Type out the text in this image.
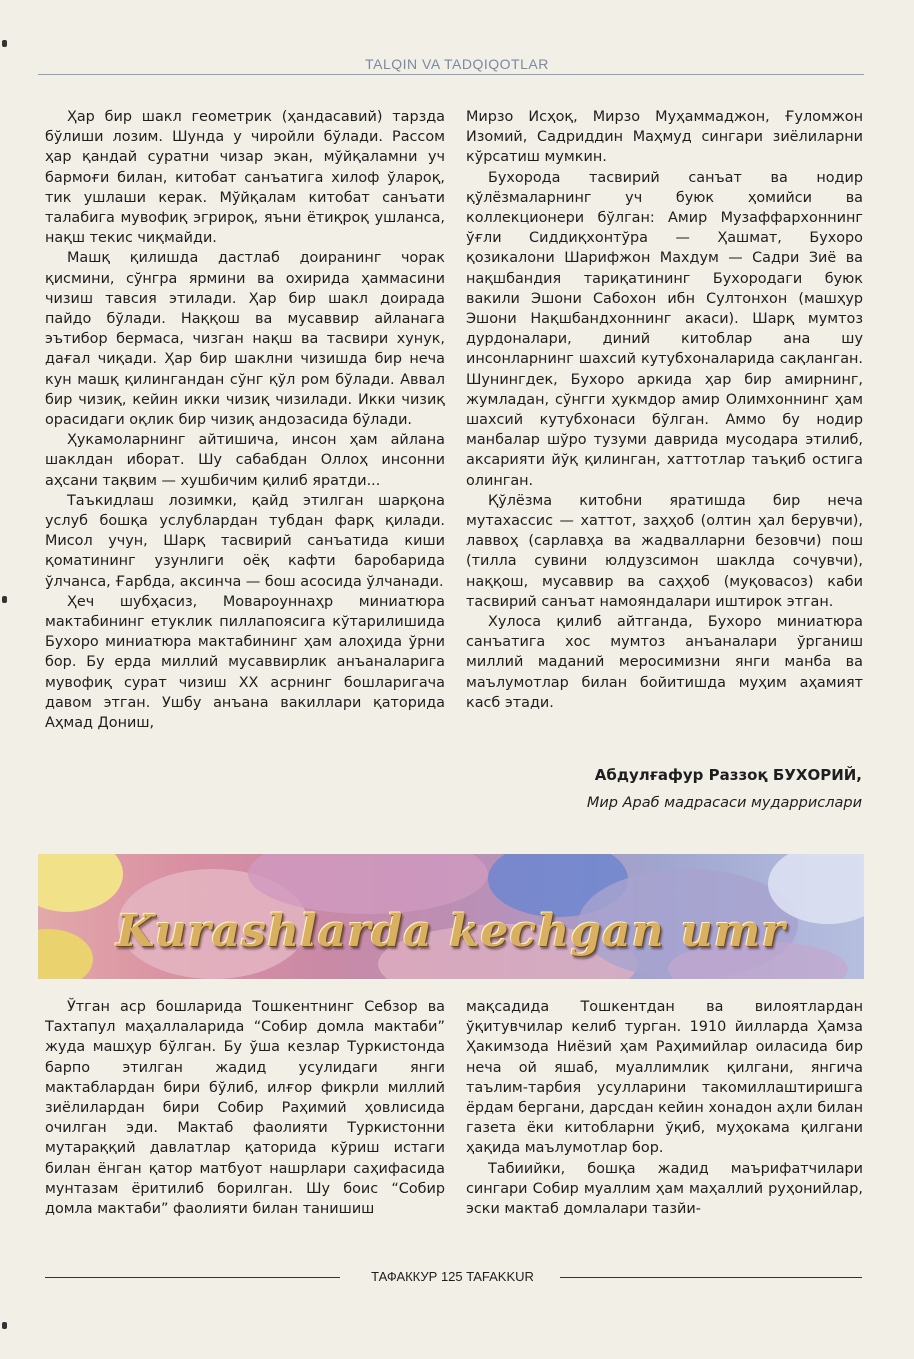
TALQIN VA TADQIQOTLAR

Ҳар бир шакл геометрик (ҳандасавий) тарзда бўлиши лозим. Шунда у чиройли бўлади. Рассом ҳар қандай суратни чизар экан, мўйқаламни уч бармоғи билан, китобат санъатига хилоф ўлароқ, тик ушлаши керак. Мўйқалам китобат санъати талабига мувофиқ эгрироқ, яъни ётиқроқ ушланса, нақш текис чиқмайди.

Машқ қилишда дастлаб доиранинг чорак қисмини, сўнгра ярмини ва охирида ҳаммасини чизиш тавсия этилади. Ҳар бир шакл доирада пайдо бўлади. Наққош ва мусаввир айланага эътибор бермаса, чизган нақш ва тасвири хунук, дағал чиқади. Ҳар бир шаклни чизишда бир неча кун машқ қилингандан сўнг қўл ром бўлади. Аввал бир чизиқ, кейин икки чизиқ чизилади. Икки чизиқ орасидаги оқлик бир чизиқ андозасида бўлади.

Ҳукамоларнинг айтишича, инсон ҳам айлана шаклдан иборат. Шу сабабдан Оллоҳ инсонни аҳсани тақвим — хушбичим қилиб яратди...

Таъкидлаш лозимки, қайд этилган шарқона услуб бошқа услублардан тубдан фарқ қилади. Мисол учун, Шарқ тасвирий санъатида киши қоматининг узунлиги оёқ кафти баробарида ўлчанса, Ғарбда, аксинча — бош асосида ўлчанади.

Ҳеч шубҳасиз, Мовароуннаҳр миниатюра мактабининг етуклик пиллапоясига кўтарилишида Бухоро миниатюра мактабининг ҳам алоҳида ўрни бор. Бу ерда миллий мусаввирлик анъаналарига мувофиқ сурат чизиш XX асрнинг бошларигача давом этган. Ушбу анъана вакиллари қаторида Аҳмад Дониш,

Мирзо Исҳоқ, Мирзо Муҳаммаджон, Ғуломжон Изомий, Садриддин Маҳмуд сингари зиёлиларни кўрсатиш мумкин.

Бухорода тасвирий санъат ва нодир қўлёзмаларнинг уч буюк ҳомийси ва коллекционери бўлган: Амир Музаффархоннинг ўғли Сиддиқхонтўра — Ҳашмат, Бухоро қозикалони Шарифжон Махдум — Садри Зиё ва нақшбандия тариқатининг Бухородаги буюк вакили Эшони Сабохон ибн Султонхон (машҳур Эшони Нақшбандхоннинг акаси). Шарқ мумтоз дурдоналари, диний китоблар ана шу инсонларнинг шахсий кутубхоналарида сақланган. Шунингдек, Бухоро аркида ҳар бир амирнинг, жумладан, сўнгги ҳукмдор амир Олимхоннинг ҳам шахсий кутубхонаси бўлган. Аммо бу нодир манбалар шўро тузуми даврида мусодара этилиб, аксарияти йўқ қилинган, хаттотлар таъқиб остига олинган.

Қўлёзма китобни яратишда бир неча мутахассис — хаттот, заҳҳоб (олтин ҳал берувчи), лаввоҳ (сарлавҳа ва жадвалларни безовчи) пош (тилла сувини юлдузсимон шаклда сочувчи), наққош, мусаввир ва саҳҳоб (муқовасоз) каби тасвирий санъат намояндалари иштирок этган.

Хулоса қилиб айтганда, Бухоро миниатюра санъатига хос мумтоз анъаналари ўрганиш миллий маданий меросимизни янги манба ва маълумотлар билан бойитишда муҳим аҳамият касб этади.

Абдулғафур Раззоқ БУХОРИЙ,
Мир Араб мадрасаси мударрислари
Kurashlarda kechgan umr

Ўтган аср бошларида Тошкентнинг Себзор ва Тахтапул маҳаллаларида “Собир домла мактаби” жуда машҳур бўлган. Бу ўша кезлар Туркистонда барпо этилган жадид усулидаги янги мактаблардан бири бўлиб, илғор фикрли миллий зиёлилардан бири Собир Раҳимий ҳовлисида очилган эди. Мактаб фаолияти Туркистонни мутараққий давлатлар қаторида кўриш истаги билан ёнган қатор матбуот нашрлари саҳифасида мунтазам ёритилиб борилган. Шу боис “Собир домла мактаби” фаолияти билан танишиш

мақсадида Тошкентдан ва вилоятлардан ўқитувчилар келиб турган. 1910 йилларда Ҳамза Ҳакимзода Ниёзий ҳам Раҳимийлар оиласида бир неча ой яшаб, муаллимлик қилгани, янгича таълим-тарбия усулларини такомиллаштиришга ёрдам бергани, дарсдан кейин хонадон аҳли билан газета ёки китобларни ўқиб, муҳокама қилгани ҳақида маълумотлар бор.

Табиийки, бошқа жадид маърифатчилари сингари Собир муаллим ҳам маҳаллий руҳонийлар, эски мактаб домлалари тазйи-

ТАФАККУР 125 TAFAKKUR
